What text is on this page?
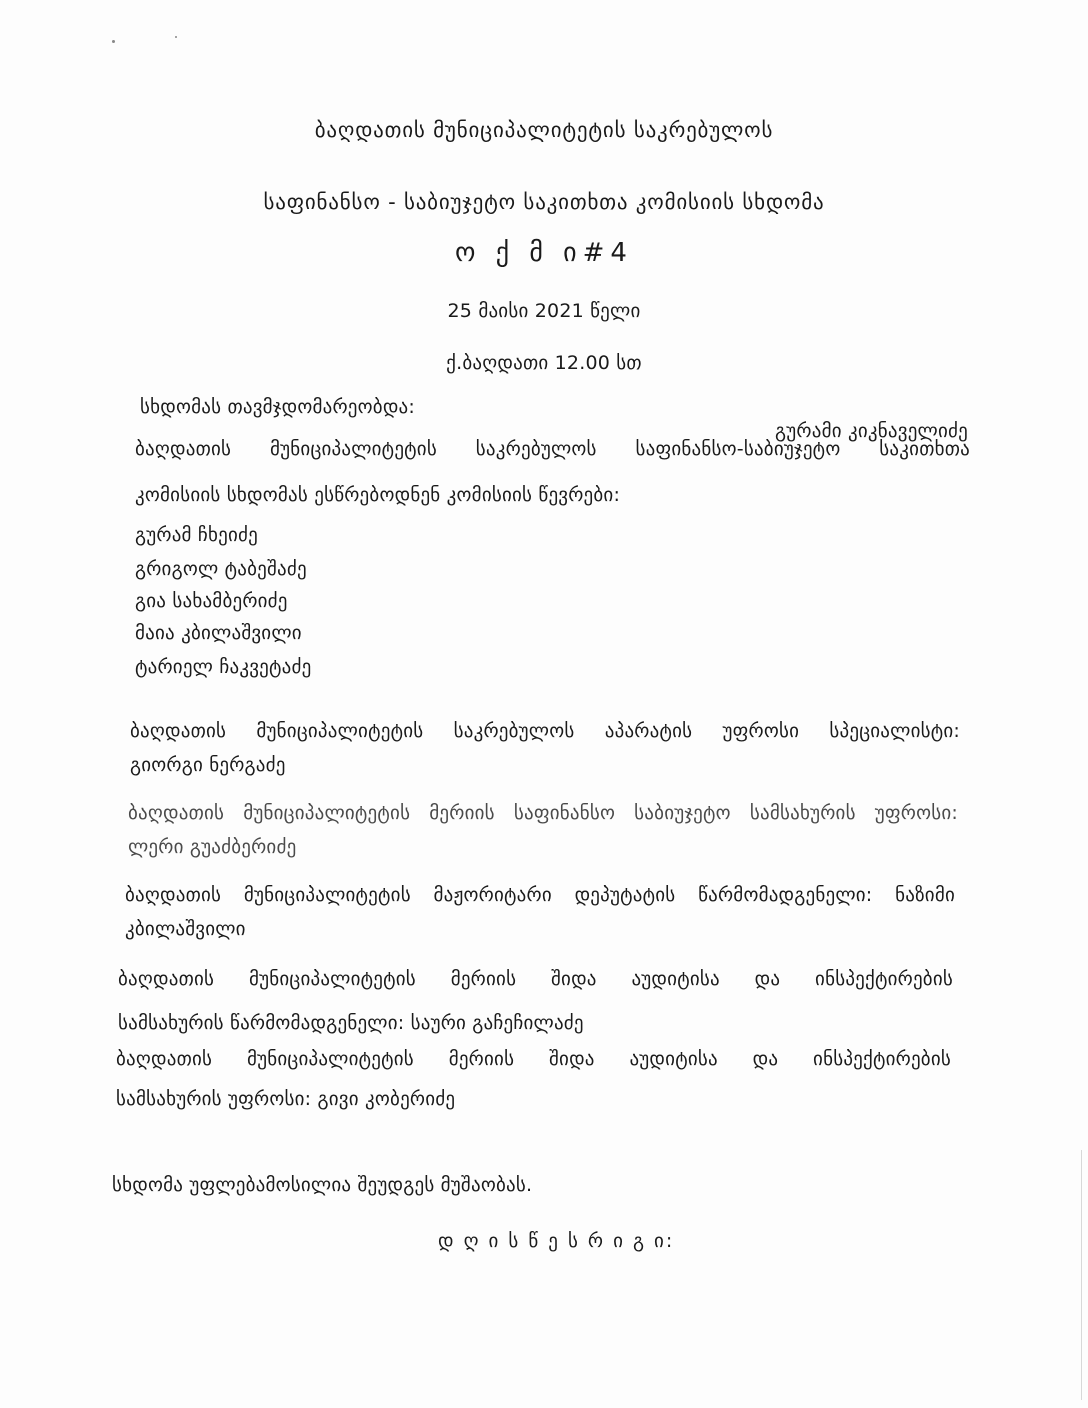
ბაღდათის მუნიციპალიტეტის საკრებულოს
საფინანსო - საბიუჯეტო საკითხთა კომისიის სხდომა
ო ქ მ ი#4
25 მაისი 2021 წელი
ქ.ბაღდათი 12.00 სთ
სხდომას თავმჯდომარეობდა:
გურამი კიკნაველიძე
ბაღდათის მუნიციპალიტეტის საკრებულოს საფინანსო-საბიუჯეტო საკითხთა
კომისიის სხდომას ესწრებოდნენ კომისიის წევრები:
გურამ ჩხეიძე
გრიგოლ ტაბეშაძე
გია სახამბერიძე
მაია კბილაშვილი
ტარიელ ჩაკვეტაძე
ბაღდათის მუნიციპალიტეტის საკრებულოს აპარატის უფროსი სპეციალისტი:
გიორგი ნერგაძე
ბაღდათის მუნიციპალიტეტის მერიის საფინანსო საბიუჯეტო სამსახურის უფროსი:
ლერი გუაძბერიძე
ბაღდათის მუნიციპალიტეტის მაჟორიტარი დეპუტატის წარმომადგენელი: ნაზიმი
კბილაშვილი
ბაღდათის მუნიციპალიტეტის მერიის შიდა აუდიტისა და ინსპექტირების
სამსახურის წარმომადგენელი: საური გაჩეჩილაძე
ბაღდათის მუნიციპალიტეტის მერიის შიდა აუდიტისა და ინსპექტირების
სამსახურის უფროსი: გივი კობერიძე
სხდომა უფლებამოსილია შეუდგეს მუშაობას.
დ ღ ი ს წ ე ს რ ი გ ი:
